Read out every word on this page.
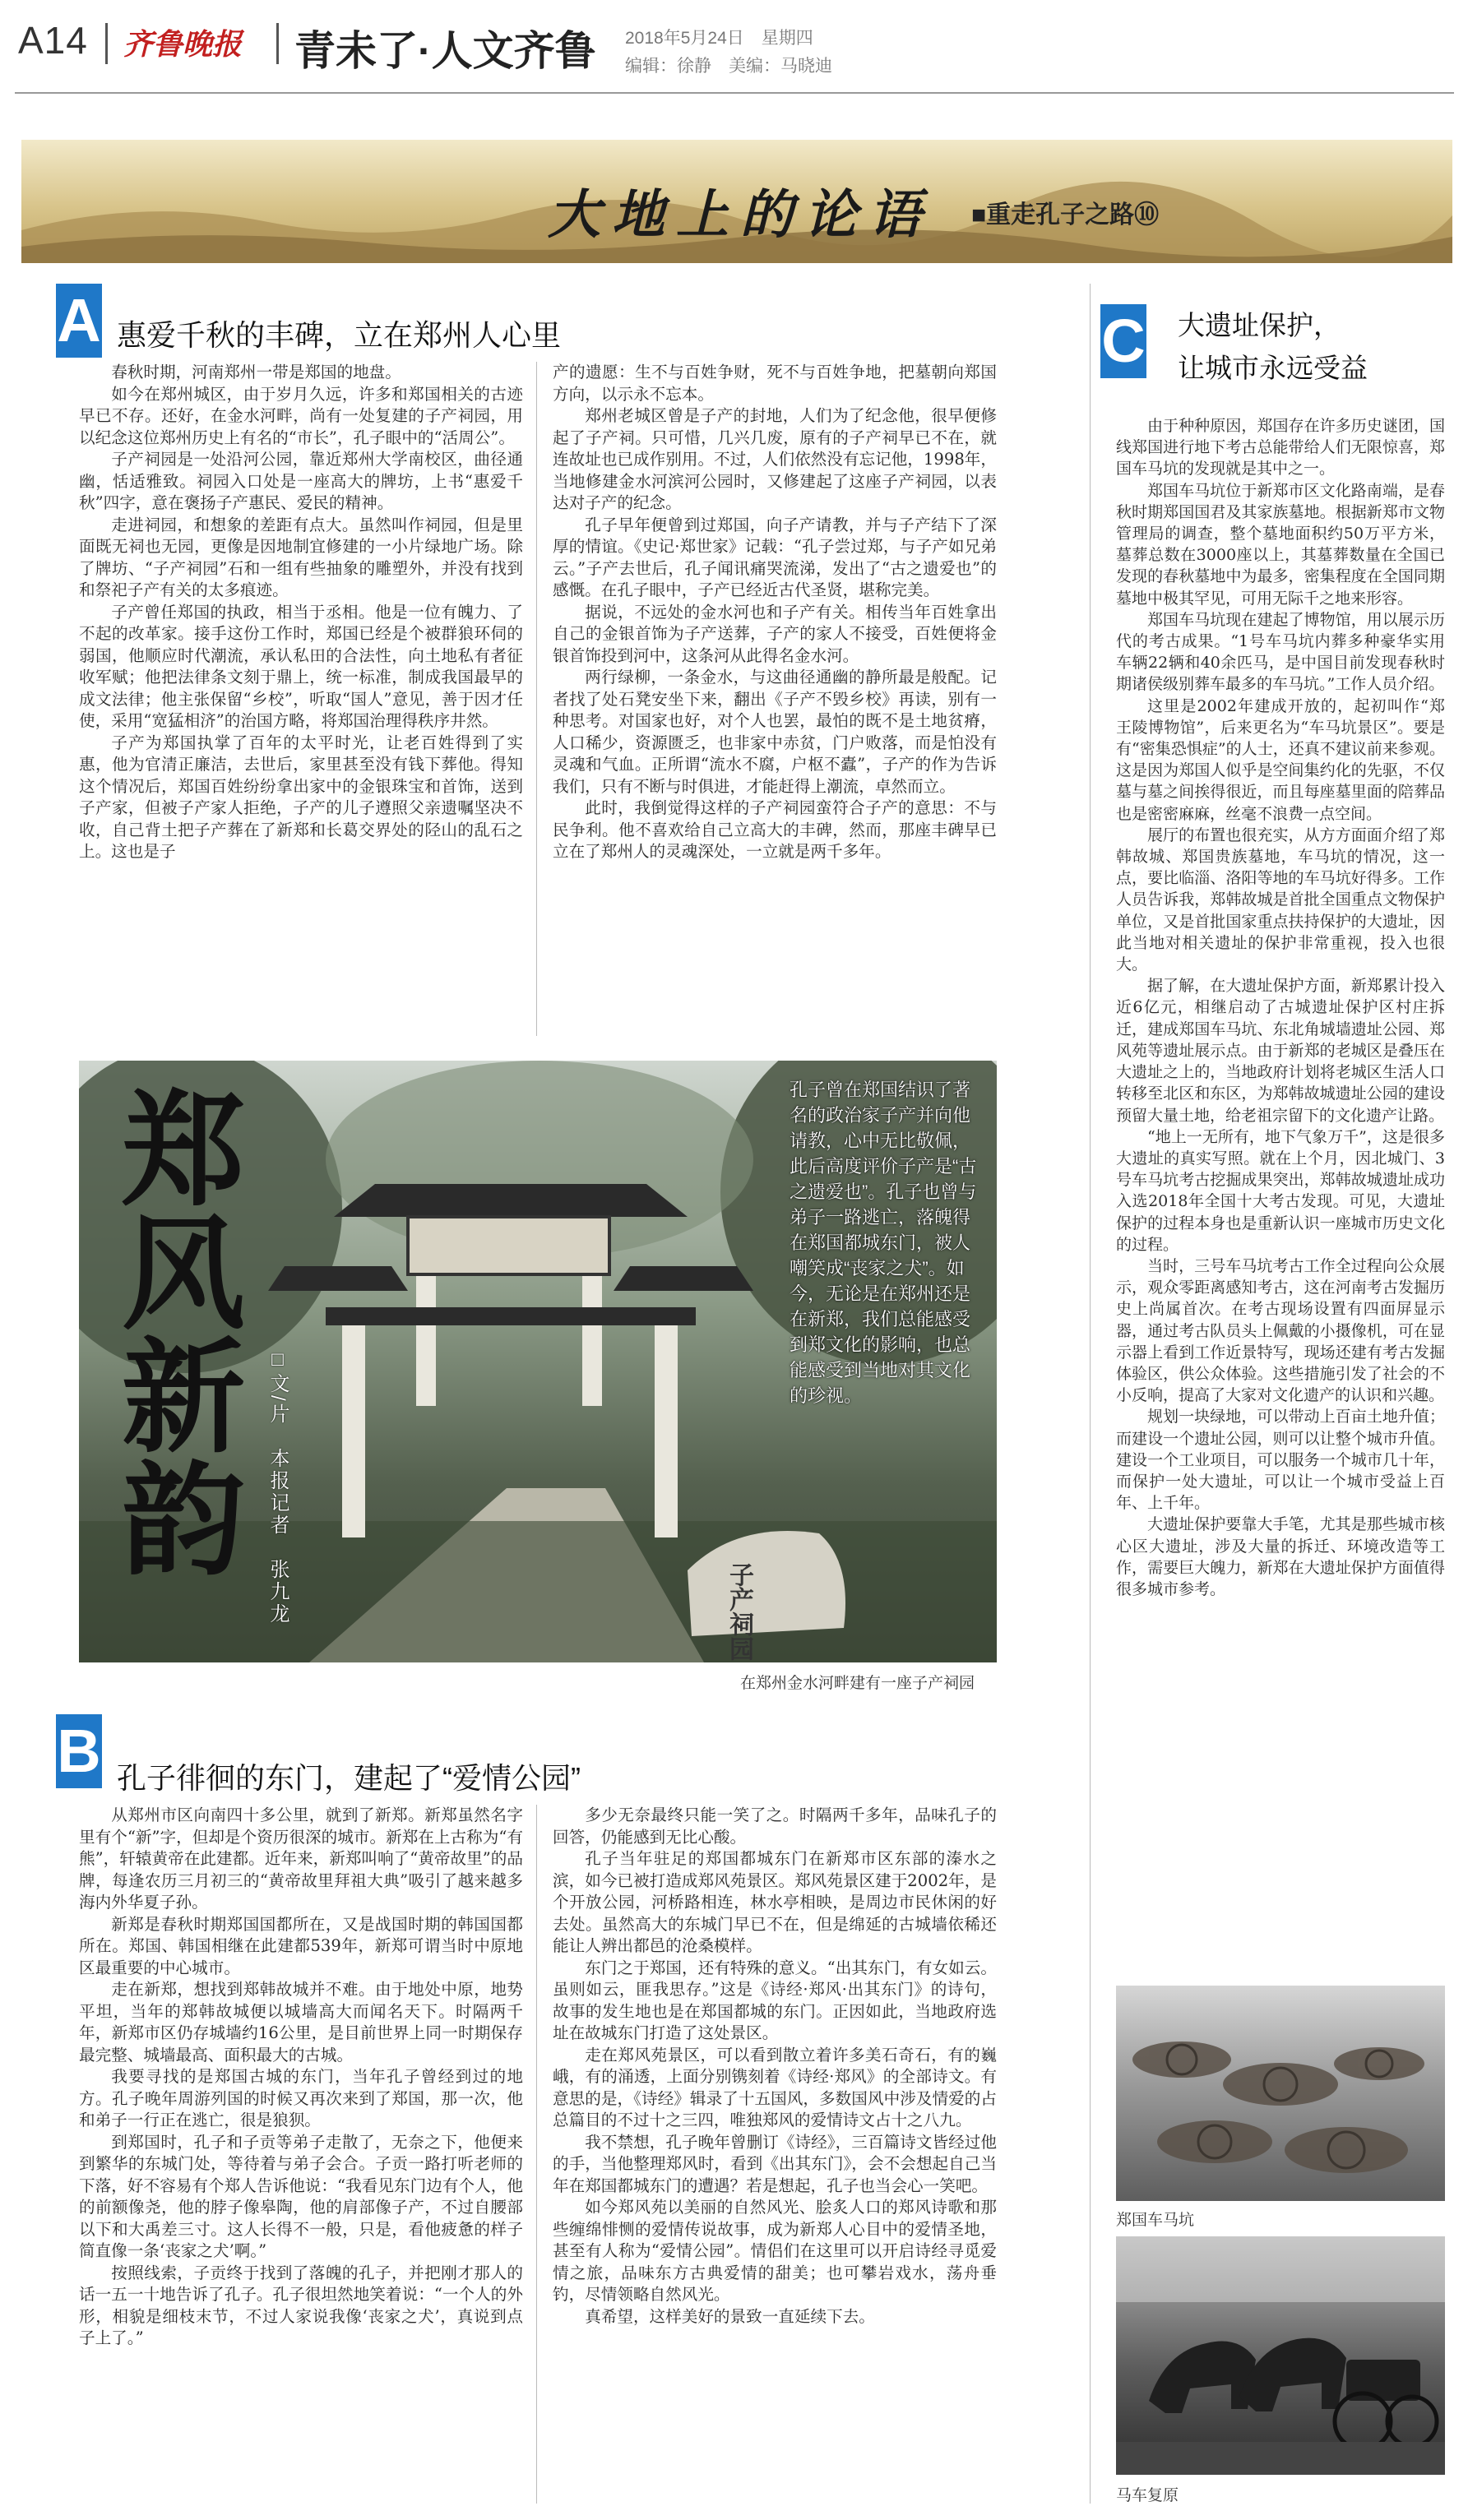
A14 齐鲁晚报 青未了·人文齐鲁 2018年5月24日　星期四
编辑：徐静　美编：马晓迪
大地上的论语 ■重走孔子之路⑩
A 惠爱千秋的丰碑，立在郑州人心里

春秋时期，河南郑州一带是郑国的地盘。

如今在郑州城区，由于岁月久远，许多和郑国相关的古迹早已不存。还好，在金水河畔，尚有一处复建的子产祠园，用以纪念这位郑州历史上有名的“市长”，孔子眼中的“活周公”。

子产祠园是一处沿河公园，靠近郑州大学南校区，曲径通幽，恬适雅致。祠园入口处是一座高大的牌坊，上书“惠爱千秋”四字，意在褒扬子产惠民、爱民的精神。

走进祠园，和想象的差距有点大。虽然叫作祠园，但是里面既无祠也无园，更像是因地制宜修建的一小片绿地广场。除了牌坊、“子产祠园”石和一组有些抽象的雕塑外，并没有找到和祭祀子产有关的太多痕迹。

子产曾任郑国的执政，相当于丞相。他是一位有魄力、了不起的改革家。接手这份工作时，郑国已经是个被群狼环伺的弱国，他顺应时代潮流，承认私田的合法性，向土地私有者征收军赋；他把法律条文刻于鼎上，统一标准，制成我国最早的成文法律；他主张保留“乡校”，听取“国人”意见，善于因才任使，采用“宽猛相济”的治国方略，将郑国治理得秩序井然。

子产为郑国执掌了百年的太平时光，让老百姓得到了实惠，他为官清正廉洁，去世后，家里甚至没有钱下葬他。得知这个情况后，郑国百姓纷纷拿出家中的金银珠宝和首饰，送到子产家，但被子产家人拒绝，子产的儿子遵照父亲遗嘱坚决不收，自己背土把子产葬在了新郑和长葛交界处的陉山的乱石之上。这也是子

产的遗愿：生不与百姓争财，死不与百姓争地，把墓朝向郑国方向，以示永不忘本。

郑州老城区曾是子产的封地，人们为了纪念他，很早便修起了子产祠。只可惜，几兴几废，原有的子产祠早已不在，就连故址也已成作别用。不过，人们依然没有忘记他，1998年，当地修建金水河滨河公园时，又修建起了这座子产祠园，以表达对子产的纪念。

孔子早年便曾到过郑国，向子产请教，并与子产结下了深厚的情谊。《史记·郑世家》记载：“孔子尝过郑，与子产如兄弟云。”子产去世后，孔子闻讯痛哭流涕，发出了“古之遗爱也”的感慨。在孔子眼中，子产已经近古代圣贤，堪称完美。

据说，不远处的金水河也和子产有关。相传当年百姓拿出自己的金银首饰为子产送葬，子产的家人不接受，百姓便将金银首饰投到河中，这条河从此得名金水河。

两行绿柳，一条金水，与这曲径通幽的静所最是般配。记者找了处石凳安坐下来，翻出《子产不毁乡校》再读，别有一种思考。对国家也好，对个人也罢，最怕的既不是土地贫瘠，人口稀少，资源匮乏，也非家中赤贫，门户败落，而是怕没有灵魂和气血。正所谓“流水不腐，户枢不蠹”，子产的作为告诉我们，只有不断与时俱进，才能赶得上潮流，卓然而立。

此时，我倒觉得这样的子产祠园蛮符合子产的意思：不与民争利。他不喜欢给自己立高大的丰碑，然而，那座丰碑早已立在了郑州人的灵魂深处，一立就是两千多年。

子产祠园
郑风新韵 □文/片　本报记者　张九龙
孔子曾在郑国结识了著名的政治家子产并向他请教，心中无比敬佩，此后高度评价子产是“古之遗爱也”。孔子也曾与弟子一路逃亡，落魄得在郑国都城东门，被人嘲笑成“丧家之犬”。如今，无论是在郑州还是在新郑，我们总能感受到郑文化的影响，也总能感受到当地对其文化的珍视。
在郑州金水河畔建有一座子产祠园
B 孔子徘徊的东门，建起了“爱情公园”

从郑州市区向南四十多公里，就到了新郑。新郑虽然名字里有个“新”字，但却是个资历很深的城市。新郑在上古称为“有熊”，轩辕黄帝在此建都。近年来，新郑叫响了“黄帝故里”的品牌，每逢农历三月初三的“黄帝故里拜祖大典”吸引了越来越多海内外华夏子孙。

新郑是春秋时期郑国国都所在，又是战国时期的韩国国都所在。郑国、韩国相继在此建都539年，新郑可谓当时中原地区最重要的中心城市。

走在新郑，想找到郑韩故城并不难。由于地处中原，地势平坦，当年的郑韩故城便以城墙高大而闻名天下。时隔两千年，新郑市区仍存城墙约16公里，是目前世界上同一时期保存最完整、城墙最高、面积最大的古城。

我要寻找的是郑国古城的东门，当年孔子曾经到过的地方。孔子晚年周游列国的时候又再次来到了郑国，那一次，他和弟子一行正在逃亡，很是狼狈。

到郑国时，孔子和子贡等弟子走散了，无奈之下，他便来到繁华的东城门处，等待着与弟子会合。子贡一路打听老师的下落，好不容易有个郑人告诉他说：“我看见东门边有个人，他的前额像尧，他的脖子像皋陶，他的肩部像子产，不过自腰部以下和大禹差三寸。这人长得不一般，只是，看他疲惫的样子简直像一条‘丧家之犬’啊。”

按照线索，子贡终于找到了落魄的孔子，并把刚才那人的话一五一十地告诉了孔子。孔子很坦然地笑着说：“一个人的外形，相貌是细枝末节，不过人家说我像‘丧家之犬’，真说到点子上了。”

多少无奈最终只能一笑了之。时隔两千多年，品味孔子的回答，仍能感到无比心酸。

孔子当年驻足的郑国都城东门在新郑市区东部的溱水之滨，如今已被打造成郑风苑景区。郑风苑景区建于2002年，是个开放公园，河桥路相连，林水亭相映，是周边市民休闲的好去处。虽然高大的东城门早已不在，但是绵延的古城墙依稀还能让人辨出都邑的沧桑模样。

东门之于郑国，还有特殊的意义。“出其东门，有女如云。虽则如云，匪我思存。”这是《诗经·郑风·出其东门》的诗句，故事的发生地也是在郑国都城的东门。正因如此，当地政府选址在故城东门打造了这处景区。

走在郑风苑景区，可以看到散立着许多美石奇石，有的巍峨，有的涌透，上面分别镌刻着《诗经·郑风》的全部诗文。有意思的是，《诗经》辑录了十五国风，多数国风中涉及情爱的占总篇目的不过十之三四，唯独郑风的爱情诗文占十之八九。

我不禁想，孔子晚年曾删订《诗经》，三百篇诗文皆经过他的手，当他整理郑风时，看到《出其东门》，会不会想起自己当年在郑国都城东门的遭遇？若是想起，孔子也当会心一笑吧。

如今郑风苑以美丽的自然风光、脍炙人口的郑风诗歌和那些缠绵悱恻的爱情传说故事，成为新郑人心目中的爱情圣地，甚至有人称为“爱情公园”。情侣们在这里可以开启诗经寻觅爱情之旅，品味东方古典爱情的甜美；也可攀岩戏水，荡舟垂钓，尽情领略自然风光。

真希望，这样美好的景致一直延续下去。

C 大遗址保护，
让城市永远受益

由于种种原因，郑国存在许多历史谜团，国线郑国进行地下考古总能带给人们无限惊喜，郑国车马坑的发现就是其中之一。

郑国车马坑位于新郑市区文化路南端，是春秋时期郑国国君及其家族墓地。根据新郑市文物管理局的调查，整个墓地面积约50万平方米，墓葬总数在3000座以上，其墓葬数量在全国已发现的春秋墓地中为最多，密集程度在全国同期墓地中极其罕见，可用无际千之地来形容。

郑国车马坑现在建起了博物馆，用以展示历代的考古成果。“1号车马坑内葬多种豪华实用车辆22辆和40余匹马，是中国目前发现春秋时期诸侯级别葬车最多的车马坑。”工作人员介绍。

这里是2002年建成开放的，起初叫作“郑王陵博物馆”，后来更名为“车马坑景区”。要是有“密集恐惧症”的人士，还真不建议前来参观。这是因为郑国人似乎是空间集约化的先驱，不仅墓与墓之间挨得很近，而且每座墓里面的陪葬品也是密密麻麻，丝毫不浪费一点空间。

展厅的布置也很充实，从方方面面介绍了郑韩故城、郑国贵族墓地，车马坑的情况，这一点，要比临淄、洛阳等地的车马坑好得多。工作人员告诉我，郑韩故城是首批全国重点文物保护单位，又是首批国家重点扶持保护的大遗址，因此当地对相关遗址的保护非常重视，投入也很大。

据了解，在大遗址保护方面，新郑累计投入近6亿元，相继启动了古城遗址保护区村庄拆迁，建成郑国车马坑、东北角城墙遗址公园、郑风苑等遗址展示点。由于新郑的老城区是叠压在大遗址之上的，当地政府计划将老城区生活人口转移至北区和东区，为郑韩故城遗址公园的建设预留大量土地，给老祖宗留下的文化遗产让路。

“地上一无所有，地下气象万千”，这是很多大遗址的真实写照。就在上个月，因北城门、3号车马坑考古挖掘成果突出，郑韩故城遗址成功入选2018年全国十大考古发现。可见，大遗址保护的过程本身也是重新认识一座城市历史文化的过程。

当时，三号车马坑考古工作全过程向公众展示，观众零距离感知考古，这在河南考古发掘历史上尚属首次。在考古现场设置有四面屏显示器，通过考古队员头上佩戴的小摄像机，可在显示器上看到工作近景特写，现场还建有考古发掘体验区，供公众体验。这些措施引发了社会的不小反响，提高了大家对文化遗产的认识和兴趣。

规划一块绿地，可以带动上百亩土地升值；而建设一个遗址公园，则可以让整个城市升值。建设一个工业项目，可以服务一个城市几十年，而保护一处大遗址，可以让一个城市受益上百年、上千年。

大遗址保护要靠大手笔，尤其是那些城市核心区大遗址，涉及大量的拆迁、环境改造等工作，需要巨大魄力，新郑在大遗址保护方面值得很多城市参考。

郑国车马坑
马车复原
